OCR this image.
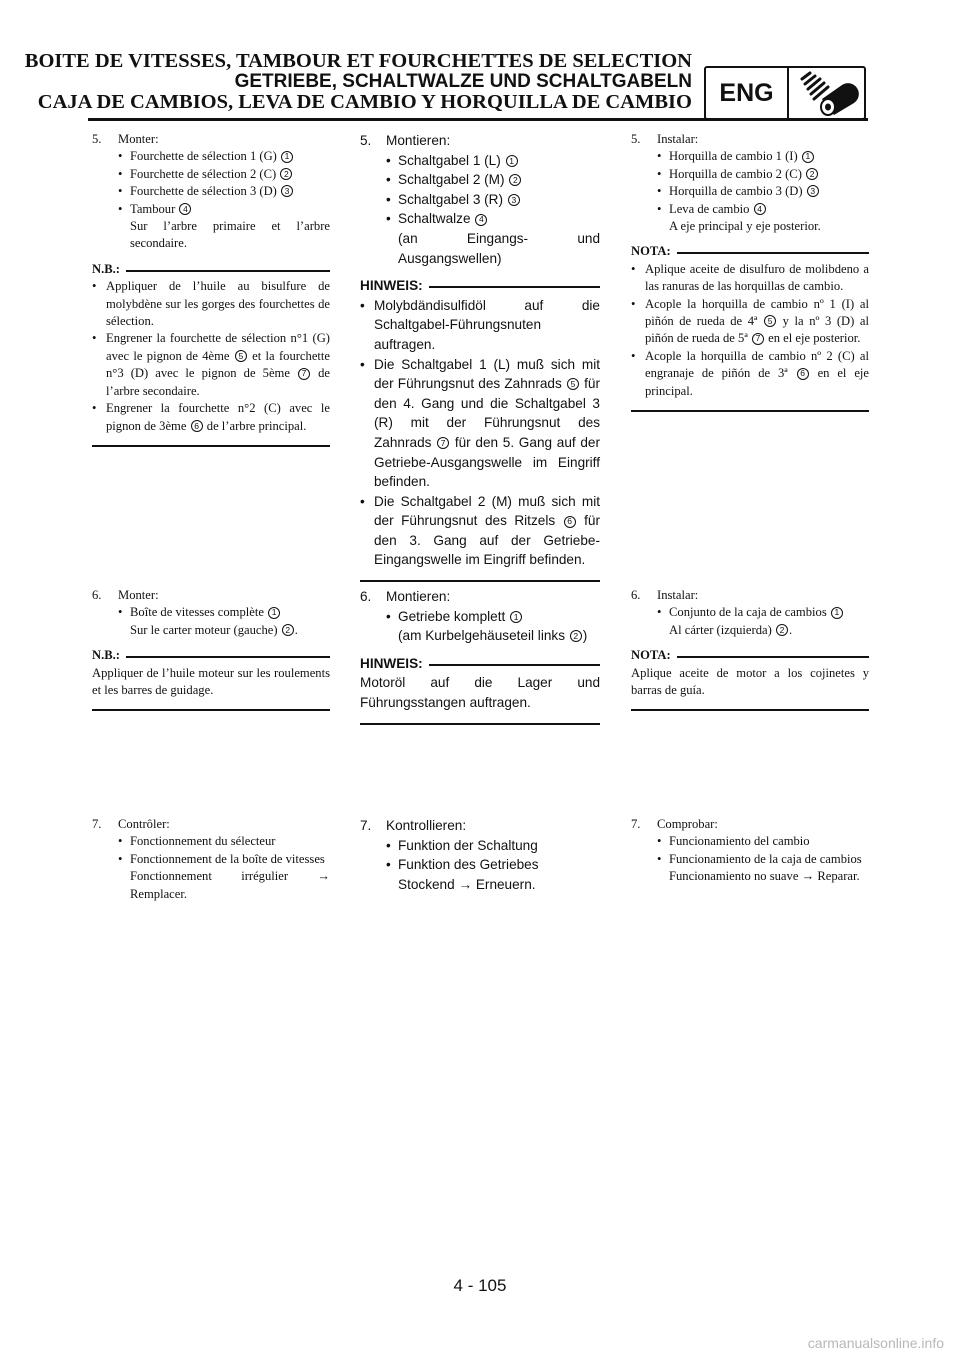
BOITE DE VITESSES, TAMBOUR ET FOURCHETTES DE SELECTION
GETRIEBE, SCHALTWALZE UND SCHALTGABELN
CAJA DE CAMBIOS, LEVA DE CAMBIO Y HORQUILLA DE CAMBIO	ENG
5.	Monter:
• Fourchette de sélection 1 (G) 1
• Fourchette de sélection 2 (C) 2
• Fourchette de sélection 3 (D) 3
• Tambour 4
Sur l’arbre primaire et l’arbre secondaire.
N.B.:
• Appliquer de l’huile au bisulfure de molybdène sur les gorges des fourchettes de sélection.
• Engrener la fourchette de sélection n°1 (G) avec le pignon de 4ème 5 et la fourchette n°3 (D) avec le pignon de 5ème 7 de l’arbre secondaire.
• Engrener la fourchette n°2 (C) avec le pignon de 3ème 6 de l’arbre principal.
6.	Monter:
• Boîte de vitesses complète 1
Sur le carter moteur (gauche) 2 .
N.B.:
Appliquer de l’huile moteur sur les roulements et les barres de guidage.
7.	Contrôler:
• Fonctionnement du sélecteur
• Fonctionnement de la boîte de vitesses
Fonctionnement irrégulier → Remplacer.
5.	Montieren:
• Schaltgabel 1 (L) 1
• Schaltgabel 2 (M) 2
• Schaltgabel 3 (R) 3
• Schaltwalze 4
(an Eingangs- und Ausgangswellen)
HINWEIS:
• Molybdändisulfidöl auf die Schaltgabel-Führungsnuten auftragen.
• Die Schaltgabel 1 (L) muß sich mit der Führungsnut des Zahnrads 5 für den 4. Gang und die Schaltgabel 3 (R) mit der Führungsnut des Zahnrads 7 für den 5. Gang auf der Getriebe-Ausgangswelle im Eingriff befinden.
• Die Schaltgabel 2 (M) muß sich mit der Führungsnut des Ritzels 6 für den 3. Gang auf der Getriebe-Eingangswelle im Eingriff befinden.
6.	Montieren:
• Getriebe komplett 1
(am Kurbelgehäuseteil links 2 )
HINWEIS:
Motoröl auf die Lager und Führungsstangen auftragen.
7.	Kontrollieren:
• Funktion der Schaltung
• Funktion des Getriebes
Stockend → Erneuern.
5.	Instalar:
• Horquilla de cambio 1 (I) 1
• Horquilla de cambio 2 (C) 2
• Horquilla de cambio 3 (D) 3
• Leva de cambio 4
A eje principal y eje posterior.
NOTA:
• Aplique aceite de disulfuro de molibdeno a las ranuras de las horquillas de cambio.
• Acople la horquilla de cambio nº 1 (I) al piñón de rueda de 4ª 5 y la nº 3 (D) al piñón de rueda de 5ª 7 en el eje posterior.
• Acople la horquilla de cambio nº 2 (C) al engranaje de piñón de 3ª 6 en el eje principal.
6.	Instalar:
• Conjunto de la caja de cambios 1
Al cárter (izquierda) 2 .
NOTA:
Aplique aceite de motor a los cojinetes y barras de guía.
7.	Comprobar:
• Funcionamiento del cambio
• Funcionamiento de la caja de cambios
Funcionamiento no suave → Reparar.
4 - 105
carmanualsonline.info
